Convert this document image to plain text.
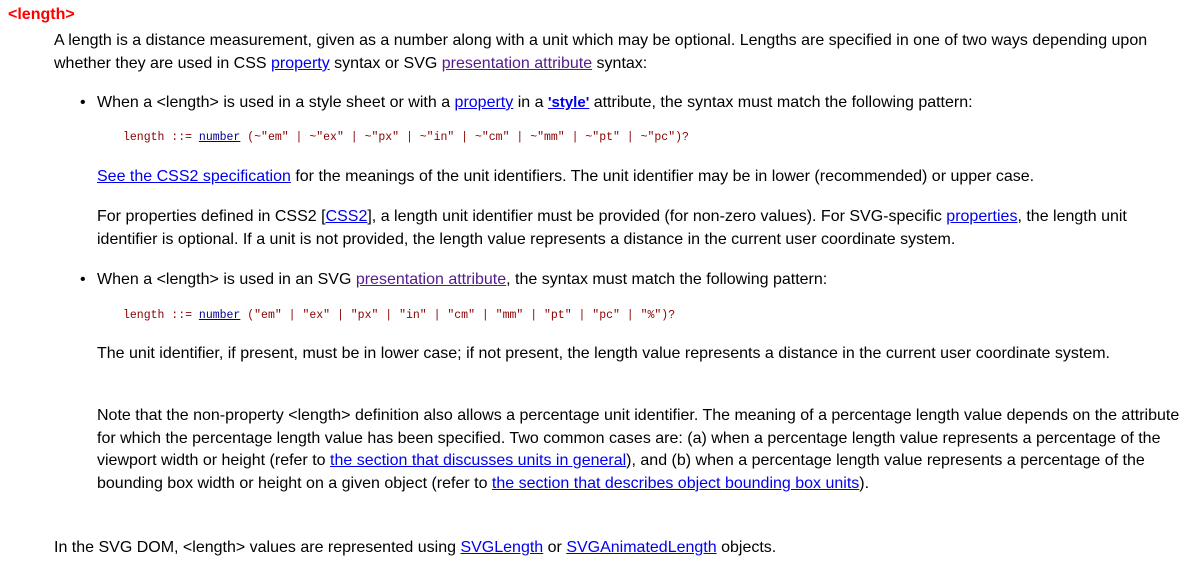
<length>

A length is a distance measurement, given as a number along with a unit which may be optional. Lengths are specified in one of two ways depending upon whether they are used in CSS property syntax or SVG presentation attribute syntax:

• When a <length> is used in a style sheet or with a property in a 'style' attribute, the syntax must match the following pattern:

length ::= number (~"em" | ~"ex" | ~"px" | ~"in" | ~"cm" | ~"mm" | ~"pt" | ~"pc")?

See the CSS2 specification for the meanings of the unit identifiers. The unit identifier may be in lower (recommended) or upper case.

For properties defined in CSS2 [CSS2], a length unit identifier must be provided (for non-zero values). For SVG-specific properties, the length unit identifier is optional. If a unit is not provided, the length value represents a distance in the current user coordinate system.

• When a <length> is used in an SVG presentation attribute, the syntax must match the following pattern:

length ::= number ("em" | "ex" | "px" | "in" | "cm" | "mm" | "pt" | "pc" | "%")?

The unit identifier, if present, must be in lower case; if not present, the length value represents a distance in the current user coordinate system.

Note that the non-property <length> definition also allows a percentage unit identifier. The meaning of a percentage length value depends on the attribute for which the percentage length value has been specified. Two common cases are: (a) when a percentage length value represents a percentage of the viewport width or height (refer to the section that discusses units in general), and (b) when a percentage length value represents a percentage of the bounding box width or height on a given object (refer to the section that describes object bounding box units).

In the SVG DOM, <length> values are represented using SVGLength or SVGAnimatedLength objects.
